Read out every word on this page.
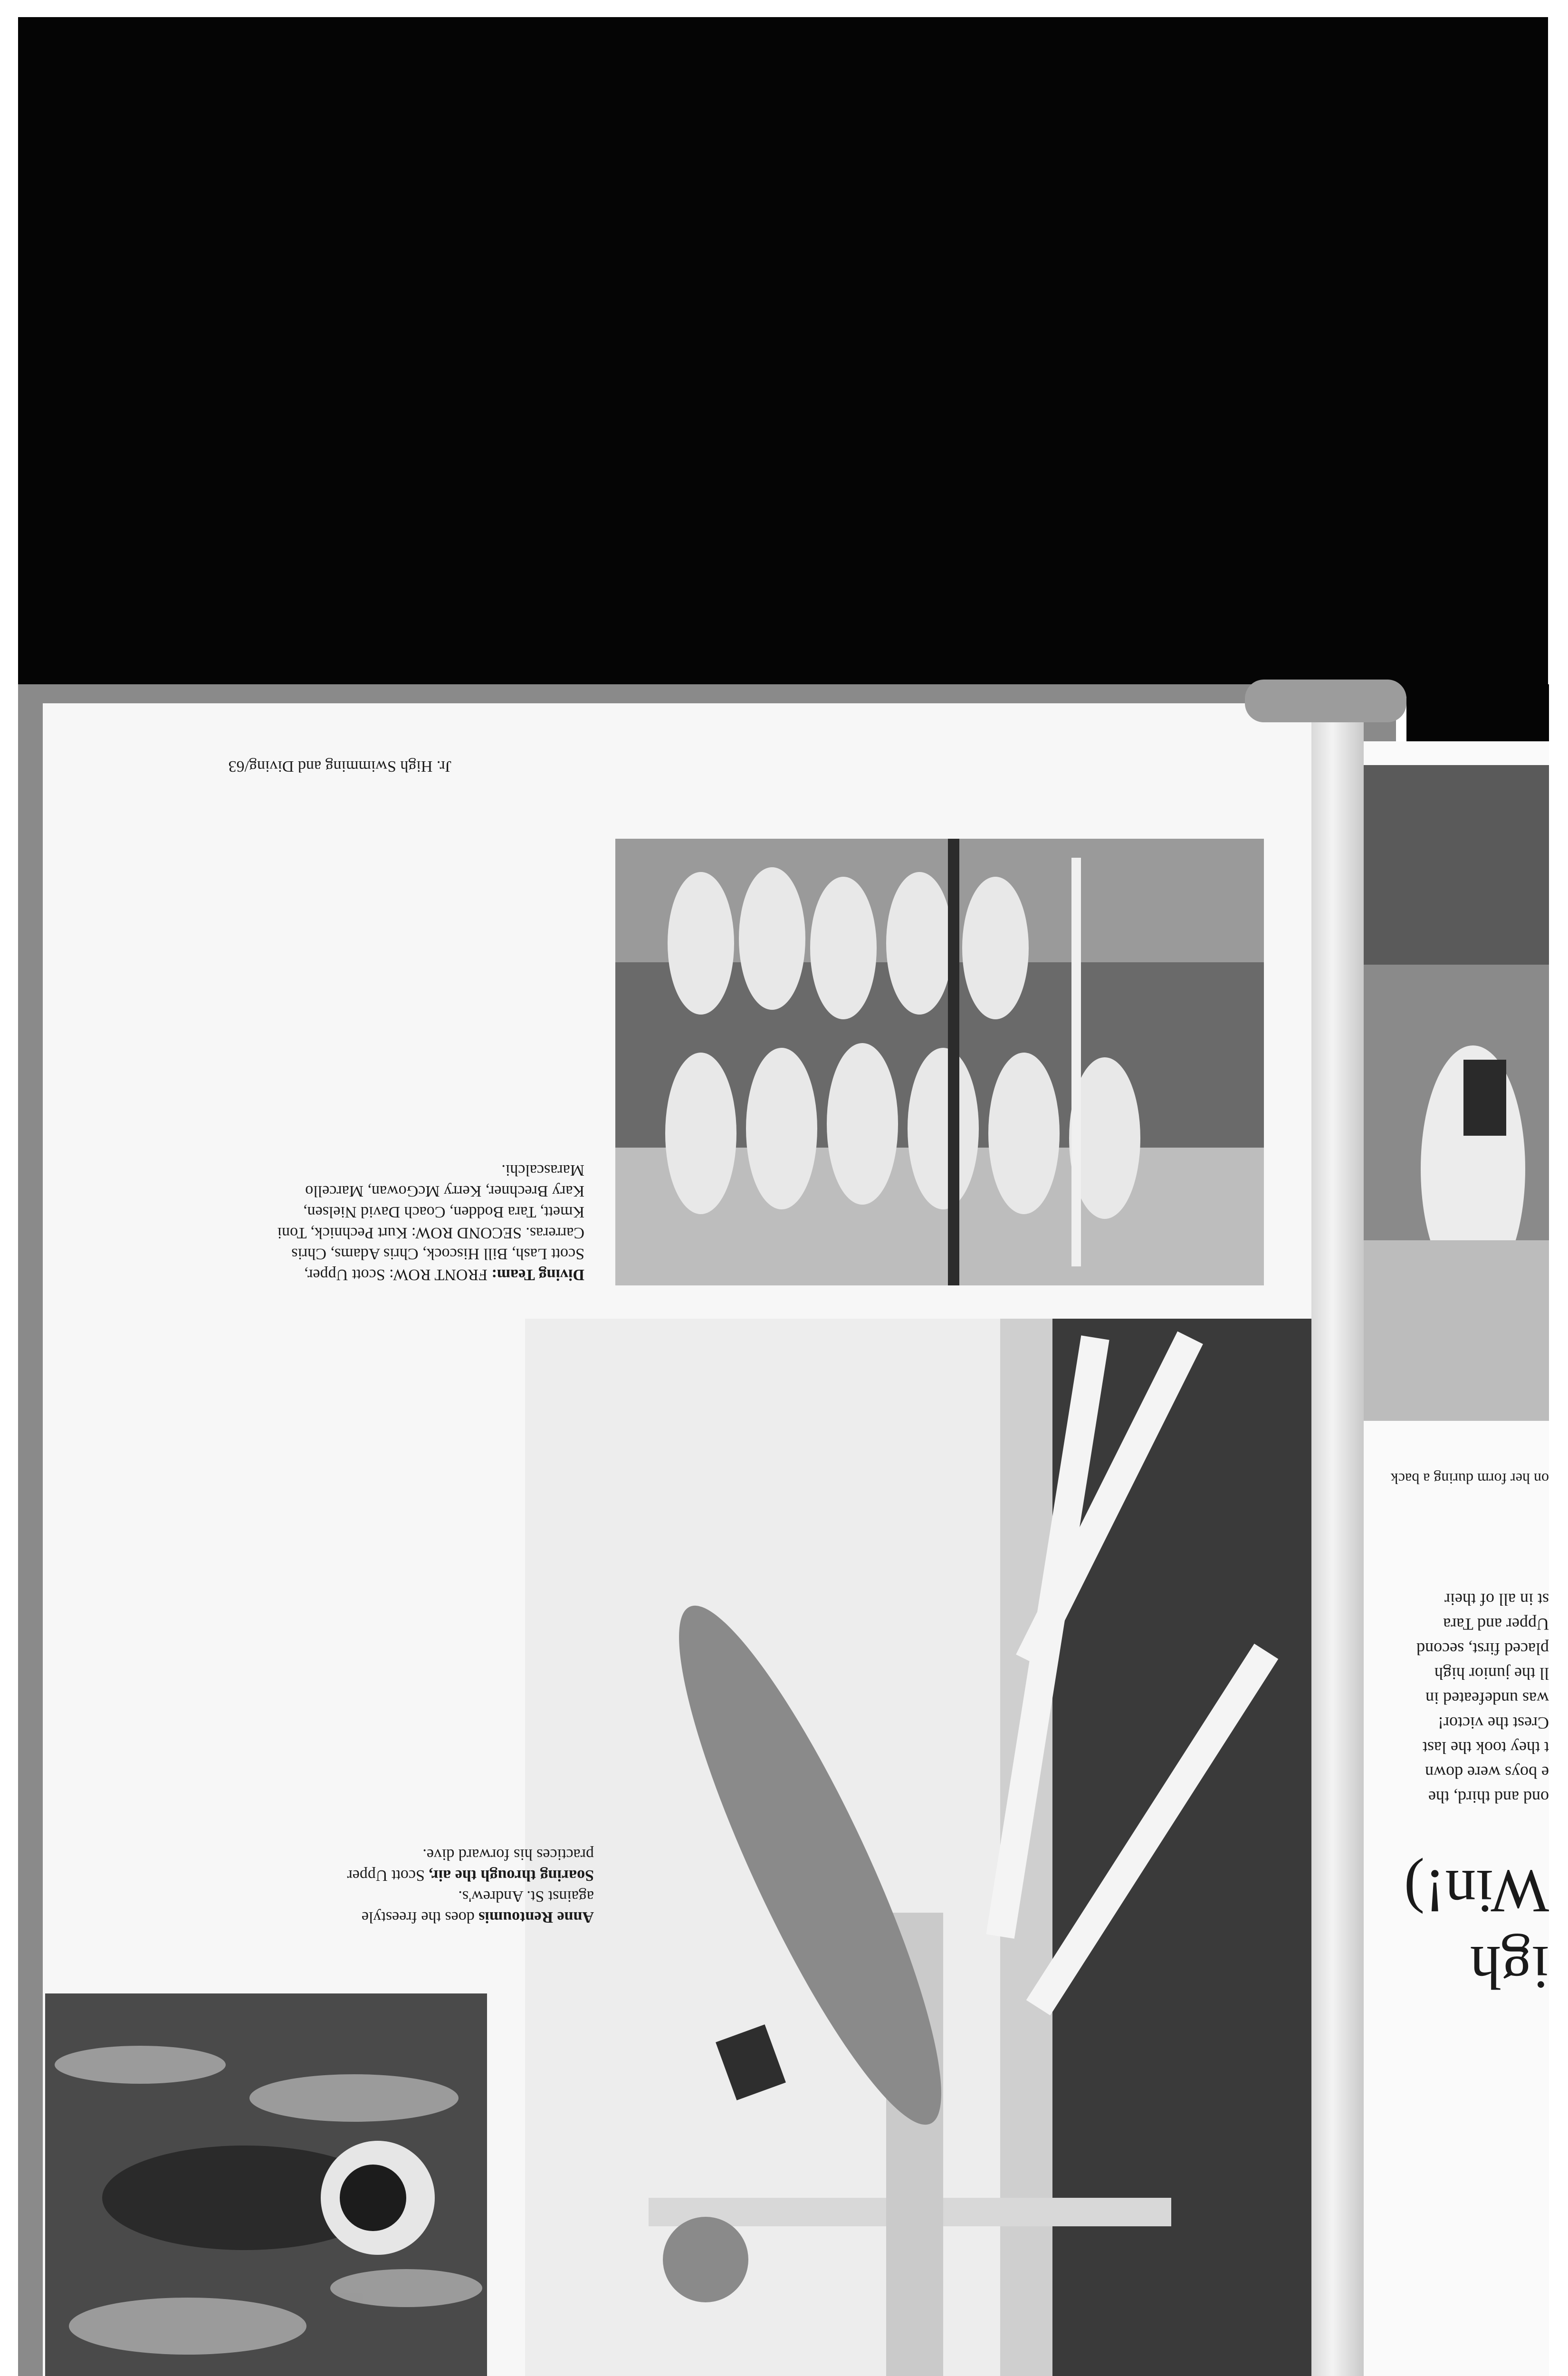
Jr. High Swimming and Diving/63
Diving Team: FRONT ROW: Scott Upper, Scott Lash, Bill Hiscock, Chris Adams, Chris Carreras. SECOND ROW: Kurt Pechnick, Toni Kmett, Tara Bodden, Coach David Nielsen, Kary Brechner, Kerry McGowan, Marcello Marascalchi.
Anne Rentoumis does the freestyle against St. Andrew's.
Soaring through the air, Scott Upper practices his forward dive.
on her form during a back
ond and third, the
e boys were down
t they took the last
Crest the victor!
was undefeated in
ll the junior high
placed first, second
Upper and Tara
st in all of their
igh
Win!)
